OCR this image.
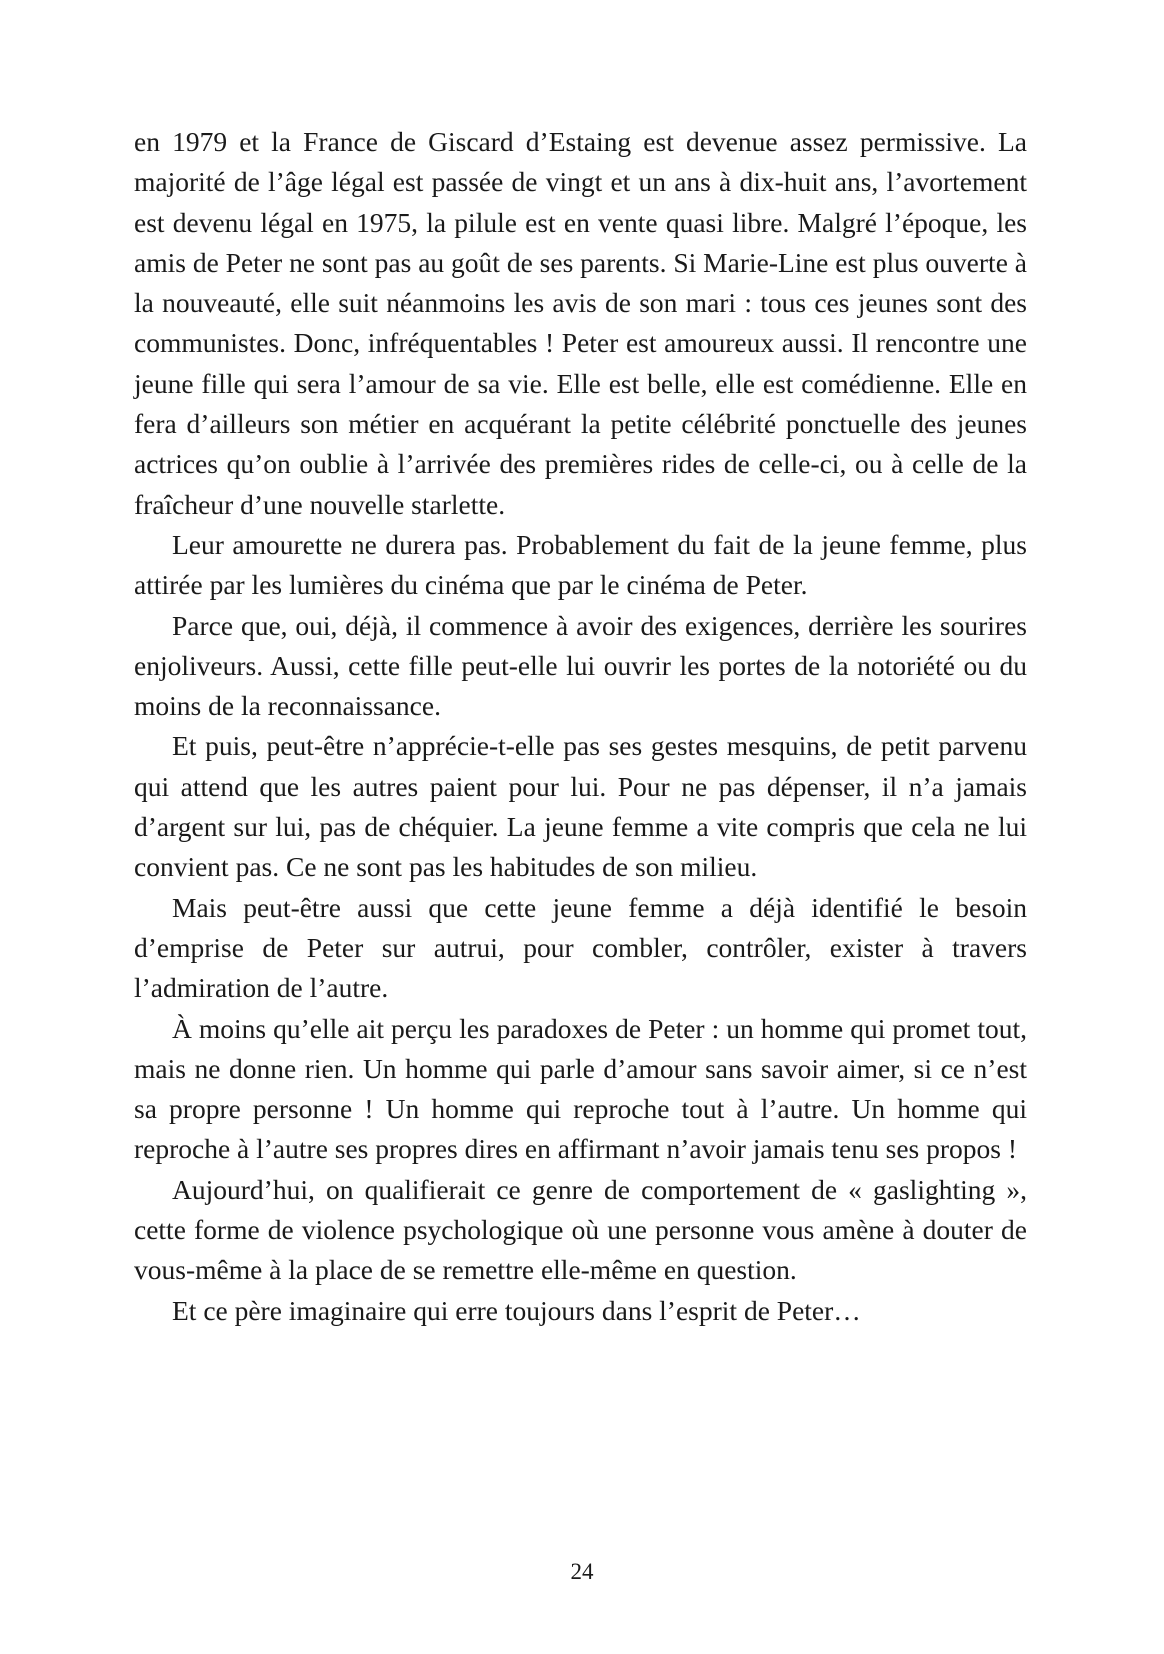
en 1979 et la France de Giscard d’Estaing est devenue assez permissive. La majorité de l’âge légal est passée de vingt et un ans à dix-huit ans, l’avortement est devenu légal en 1975, la pilule est en vente quasi libre. Malgré l’époque, les amis de Peter ne sont pas au goût de ses parents. Si Marie-Line est plus ouverte à la nouveauté, elle suit néanmoins les avis de son mari : tous ces jeunes sont des communistes. Donc, infréquentables ! Peter est amoureux aussi. Il rencontre une jeune fille qui sera l’amour de sa vie. Elle est belle, elle est comédienne. Elle en fera d’ailleurs son métier en acquérant la petite célébrité ponctuelle des jeunes actrices qu’on oublie à l’arrivée des premières rides de celle-ci, ou à celle de la fraîcheur d’une nouvelle starlette.

Leur amourette ne durera pas. Probablement du fait de la jeune femme, plus attirée par les lumières du cinéma que par le cinéma de Peter.

Parce que, oui, déjà, il commence à avoir des exigences, derrière les sourires enjoliveurs. Aussi, cette fille peut-elle lui ouvrir les portes de la notoriété ou du moins de la reconnaissance.

Et puis, peut-être n’apprécie-t-elle pas ses gestes mesquins, de petit parvenu qui attend que les autres paient pour lui. Pour ne pas dépenser, il n’a jamais d’argent sur lui, pas de chéquier. La jeune femme a vite compris que cela ne lui convient pas. Ce ne sont pas les habitudes de son milieu.

Mais peut-être aussi que cette jeune femme a déjà identifié le besoin d’emprise de Peter sur autrui, pour combler, contrôler, exister à travers l’admiration de l’autre.

À moins qu’elle ait perçu les paradoxes de Peter : un homme qui promet tout, mais ne donne rien. Un homme qui parle d’amour sans savoir aimer, si ce n’est sa propre personne ! Un homme qui reproche tout à l’autre. Un homme qui reproche à l’autre ses propres dires en affirmant n’avoir jamais tenu ses propos !

Aujourd’hui, on qualifierait ce genre de comportement de « gaslighting », cette forme de violence psychologique où une personne vous amène à douter de vous-même à la place de se remettre elle-même en question.

Et ce père imaginaire qui erre toujours dans l’esprit de Peter…

24
